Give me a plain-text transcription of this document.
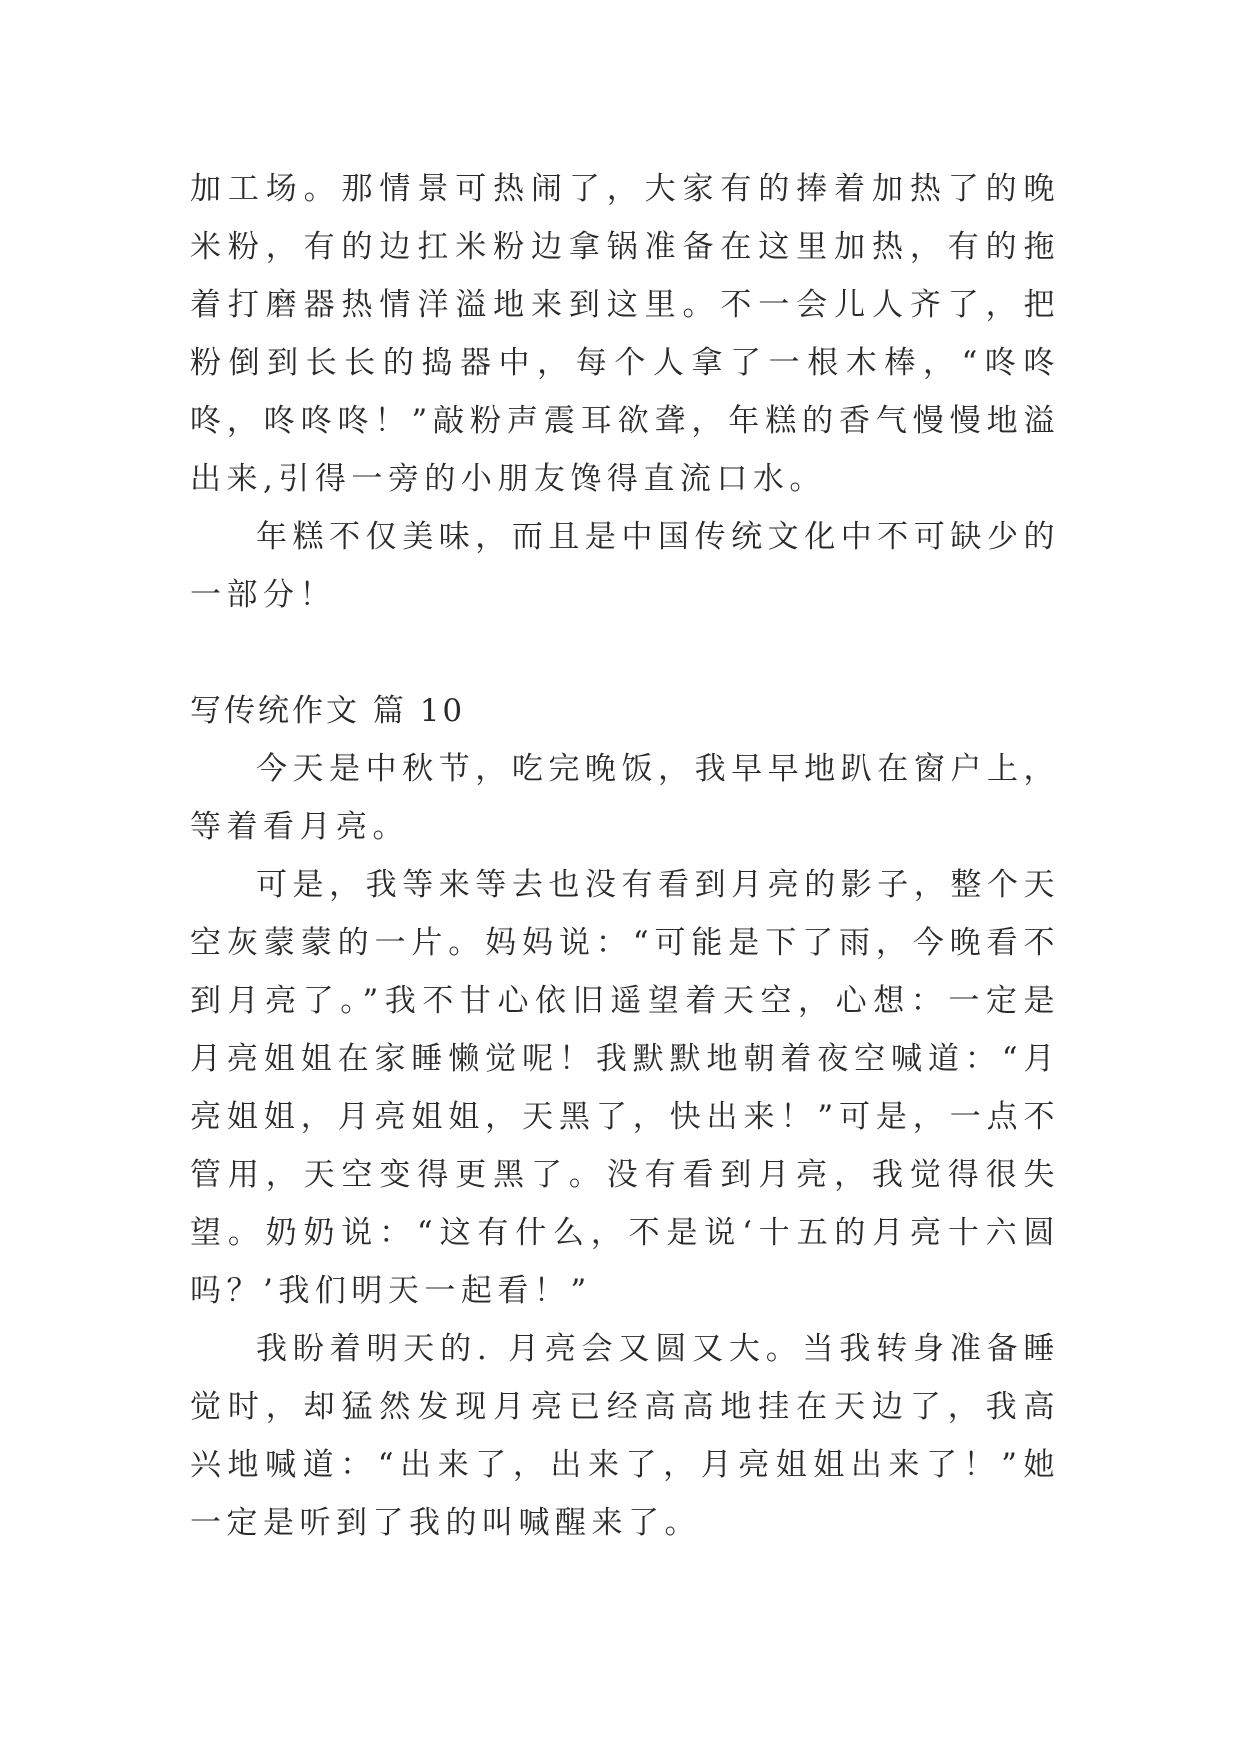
加工场。那情景可热闹了，大家有的捧着加热了的晚米粉，有的边扛米粉边拿锅准备在这里加热，有的拖着打磨器热情洋溢地来到这里。不一会儿人齐了，把粉倒到长长的捣器中，每个人拿了一根木棒，“咚咚咚，咚咚咚！”敲粉声震耳欲聋，年糕的香气慢慢地溢出来,引得一旁的小朋友馋得直流口水。

年糕不仅美味，而且是中国传统文化中不可缺少的一部分！

写传统作文 篇 10

今天是中秋节，吃完晚饭，我早早地趴在窗户上，等着看月亮。

可是，我等来等去也没有看到月亮的影子，整个天空灰蒙蒙的一片。妈妈说：“可能是下了雨，今晚看不到月亮了。”我不甘心依旧遥望着天空，心想：一定是月亮姐姐在家睡懒觉呢！我默默地朝着夜空喊道：“月亮姐姐，月亮姐姐，天黑了，快出来！”可是，一点不管用，天空变得更黑了。没有看到月亮，我觉得很失望。奶奶说：“这有什么，不是说‘十五的月亮十六圆吗？’我们明天一起看！”

我盼着明天的. 月亮会又圆又大。当我转身准备睡觉时，却猛然发现月亮已经高高地挂在天边了，我高兴地喊道：“出来了，出来了，月亮姐姐出来了！”她一定是听到了我的叫喊醒来了。
